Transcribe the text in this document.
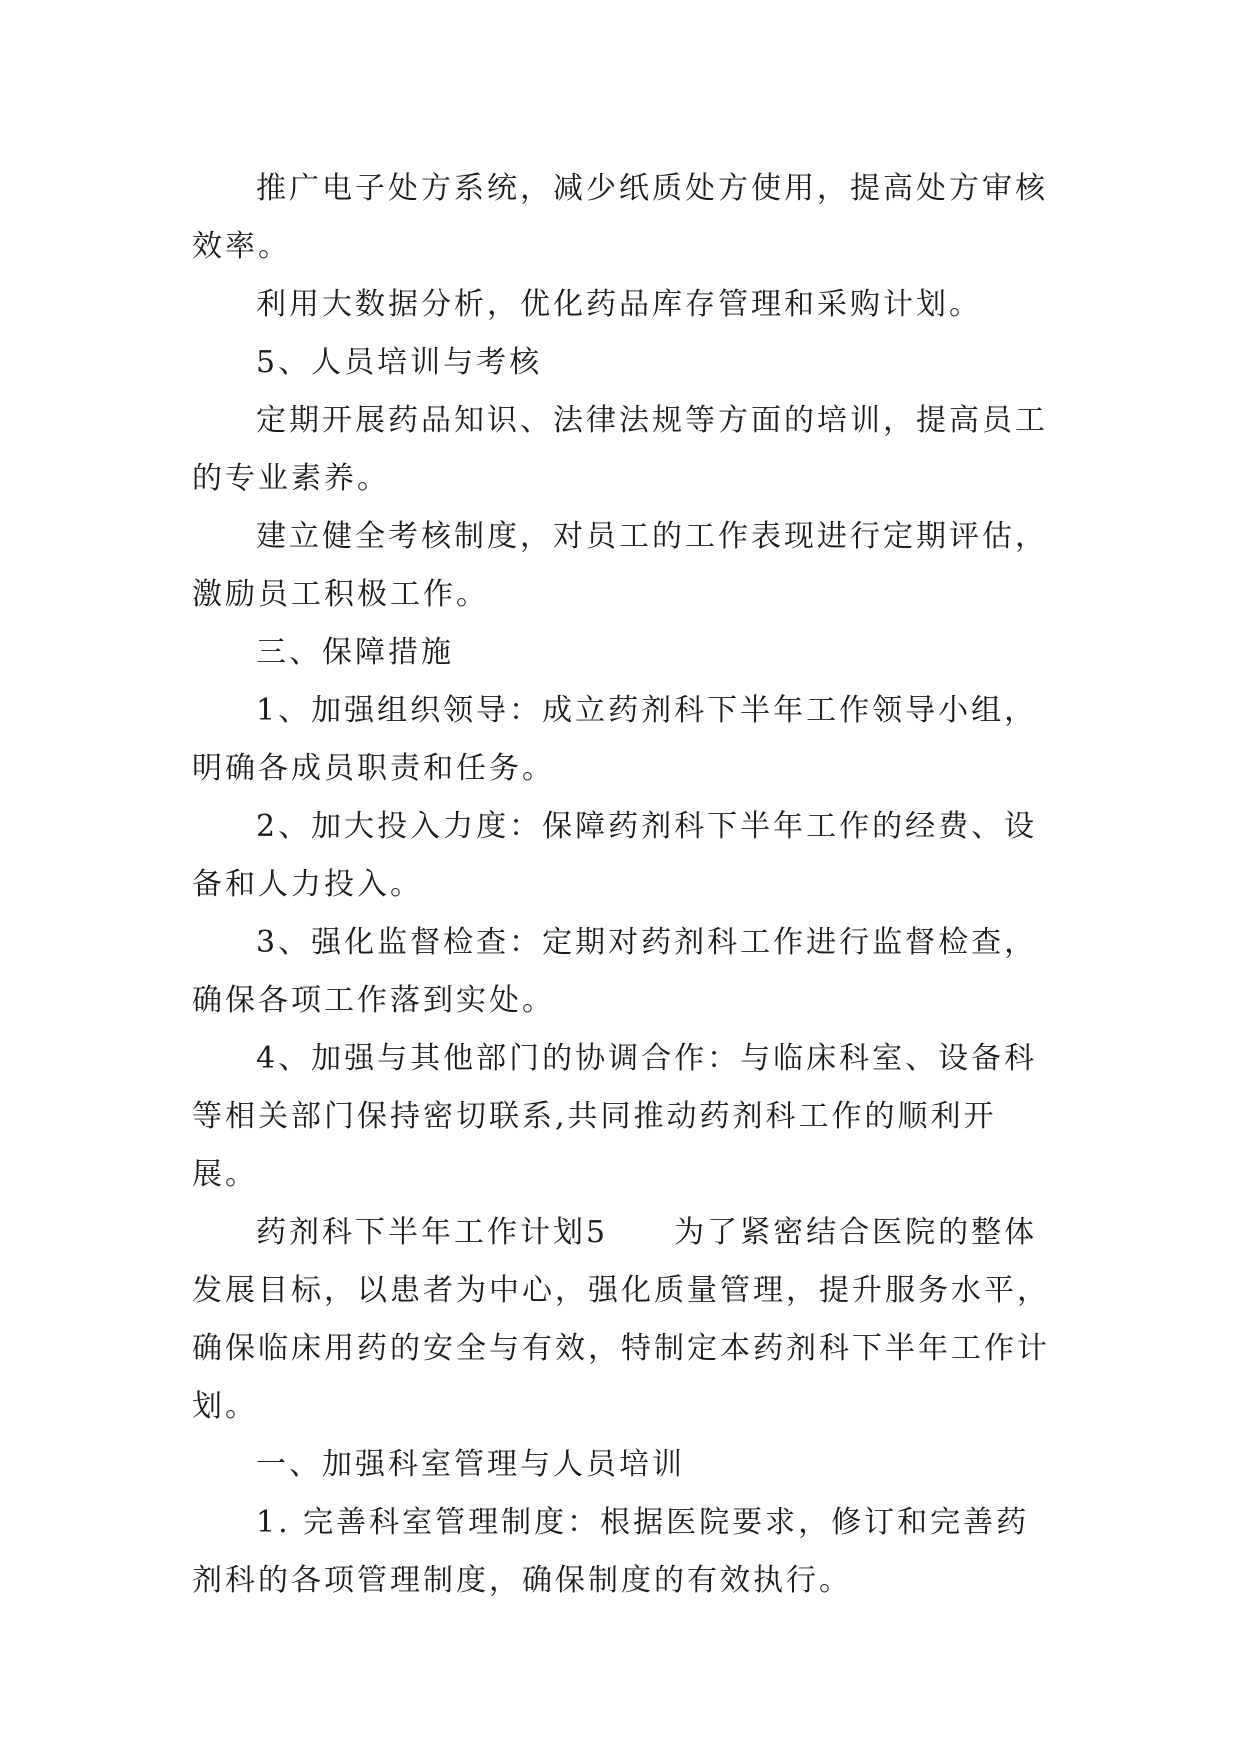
推广电子处方系统，减少纸质处方使用，提高处方审核效率。

利用大数据分析，优化药品库存管理和采购计划。

5、人员培训与考核

定期开展药品知识、法律法规等方面的培训，提高员工的专业素养。

建立健全考核制度，对员工的工作表现进行定期评估，激励员工积极工作。

三、保障措施

1、加强组织领导：成立药剂科下半年工作领导小组，明确各成员职责和任务。

2、加大投入力度：保障药剂科下半年工作的经费、设备和人力投入。

3、强化监督检查：定期对药剂科工作进行监督检查，确保各项工作落到实处。

4、加强与其他部门的协调合作：与临床科室、设备科等相关部门保持密切联系,共同推动药剂科工作的顺利开展。

药剂科下半年工作计划5　　为了紧密结合医院的整体发展目标，以患者为中心，强化质量管理，提升服务水平，确保临床用药的安全与有效，特制定本药剂科下半年工作计划。

一、加强科室管理与人员培训

1. 完善科室管理制度：根据医院要求，修订和完善药剂科的各项管理制度，确保制度的有效执行。
